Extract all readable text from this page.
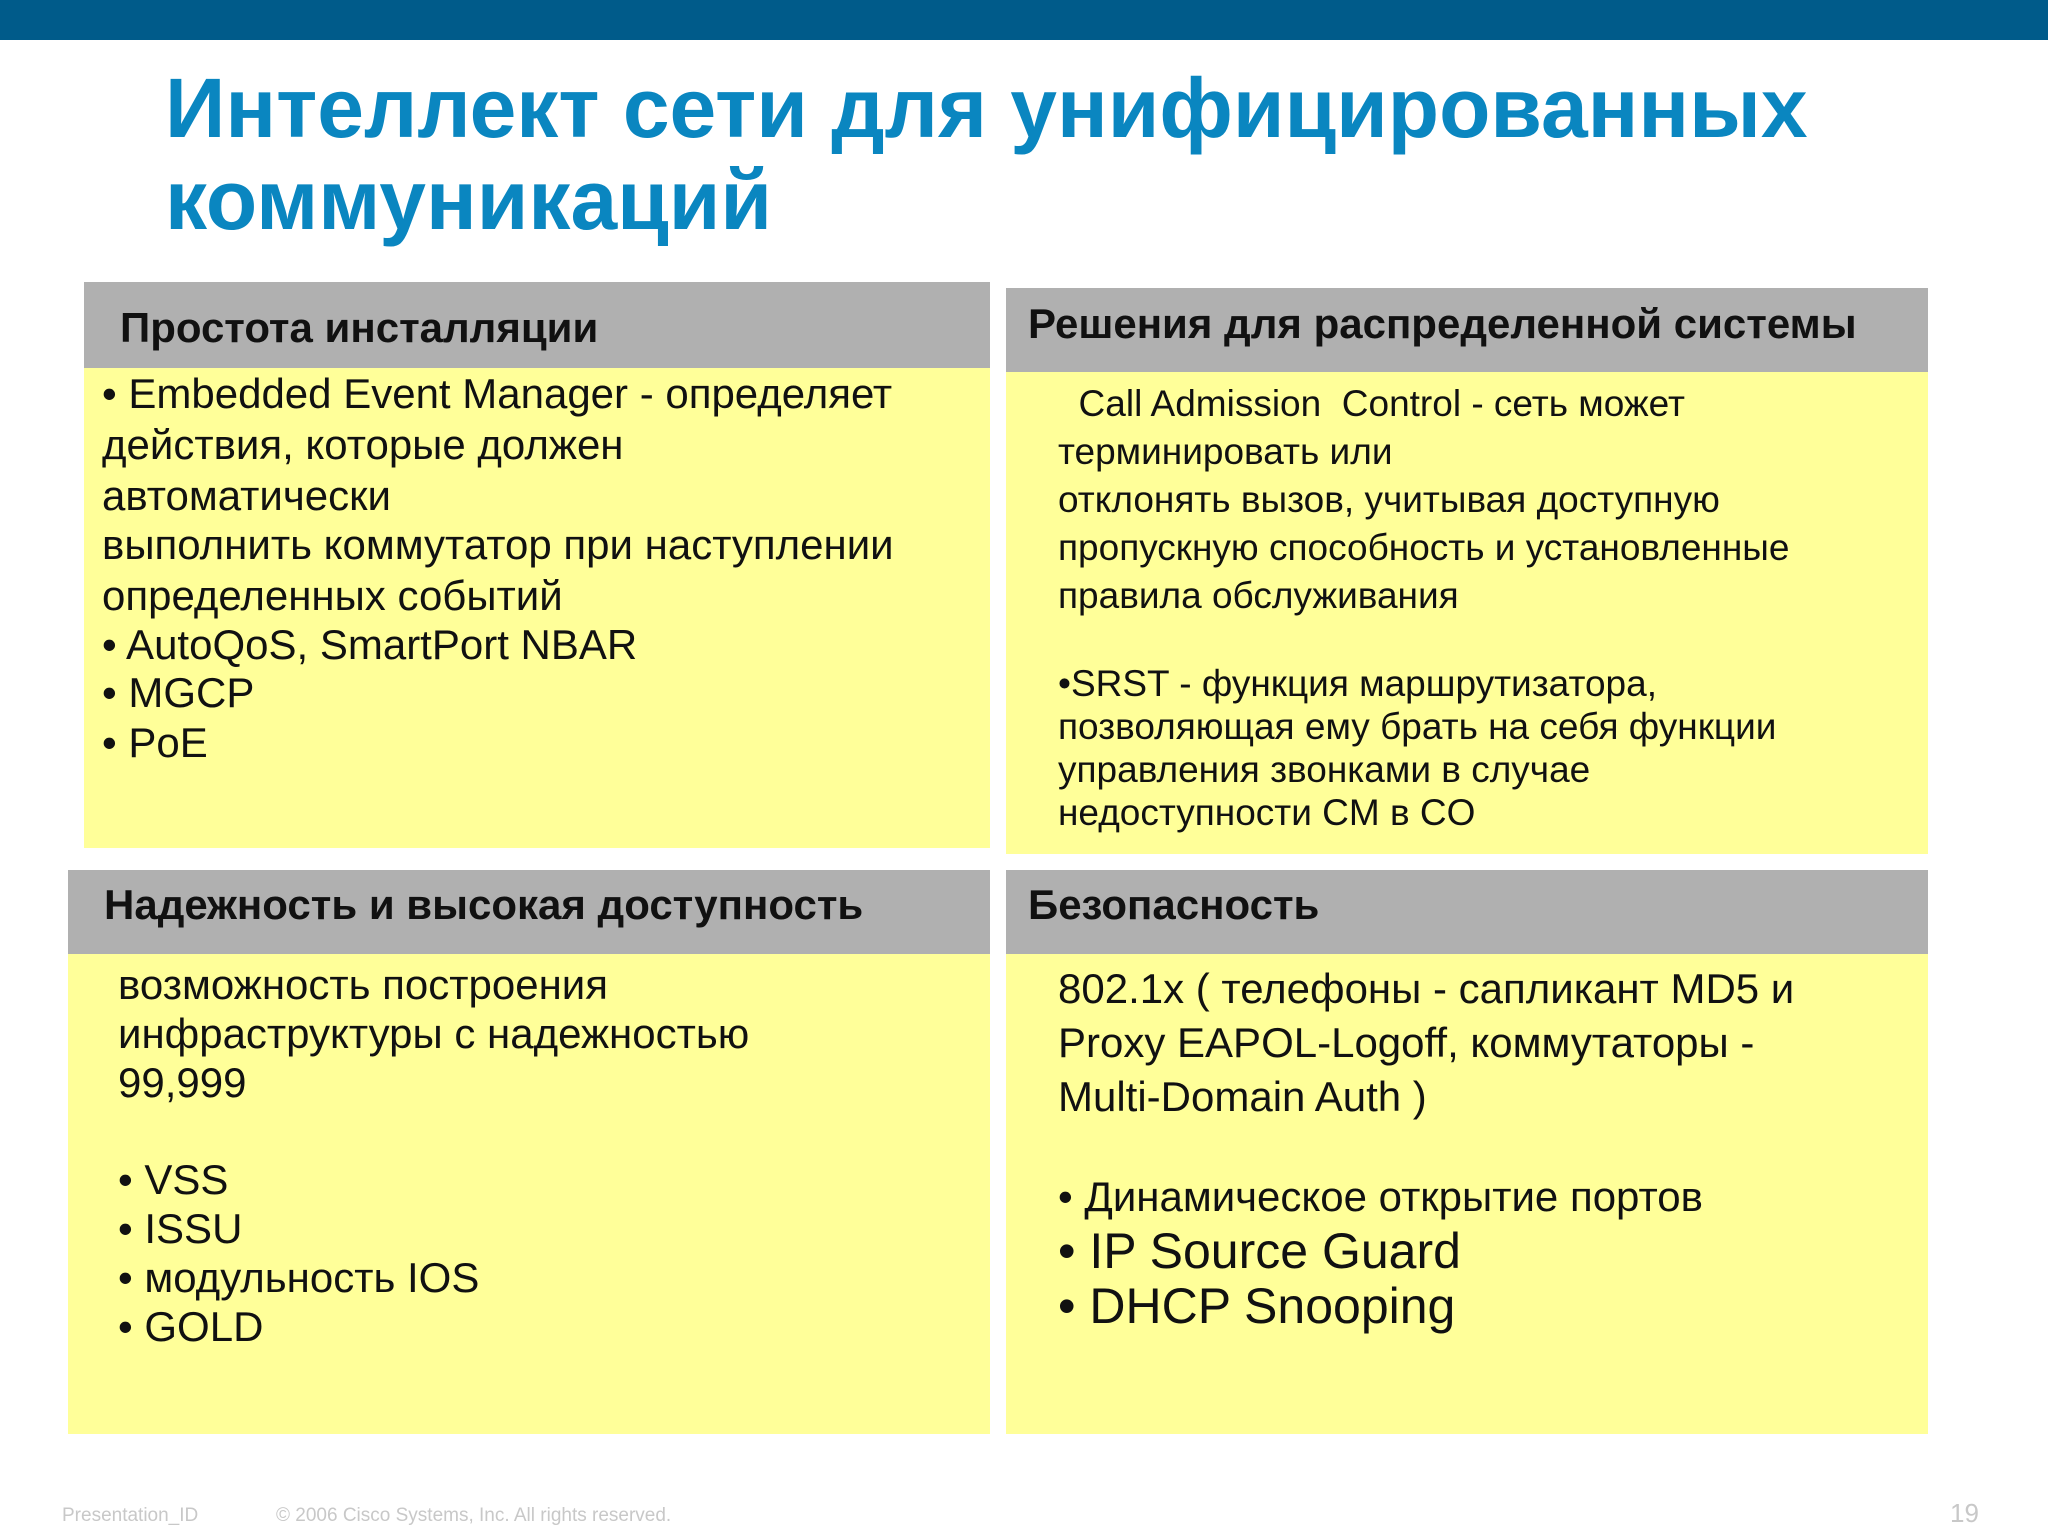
Интеллект сети для унифицированных
коммуникаций
Простота инсталляции
• Embedded Event Manager - определяет
действия, которые должен
автоматически
выполнить коммутатор при наступлении
определенных событий
• AutoQoS, SmartPort NBAR
• MGCP
• PoE
Решения для распределенной системы
Call Admission  Control - сеть может
терминировать или
отклонять вызов, учитывая доступную
пропускную способность и установленные
правила обслуживания
•SRST - функция маршрутизатора,
позволяющая ему брать на себя функции
управления звонками в случае
недоступности CM в CO
Надежность и высокая доступность
возможность построения
инфраструктуры с надежностью
99,999
• VSS
• ISSU
• модульность IOS
• GOLD
Безопасность
802.1x ( телефоны - сапликант MD5 и
Proxy EAPOL-Logoff, коммутаторы -
Multi-Domain Auth )
• Динамическое открытие портов
• IP Source Guard
• DHCP Snooping
Presentation_ID	© 2006 Cisco Systems, Inc. All rights reserved.	19
